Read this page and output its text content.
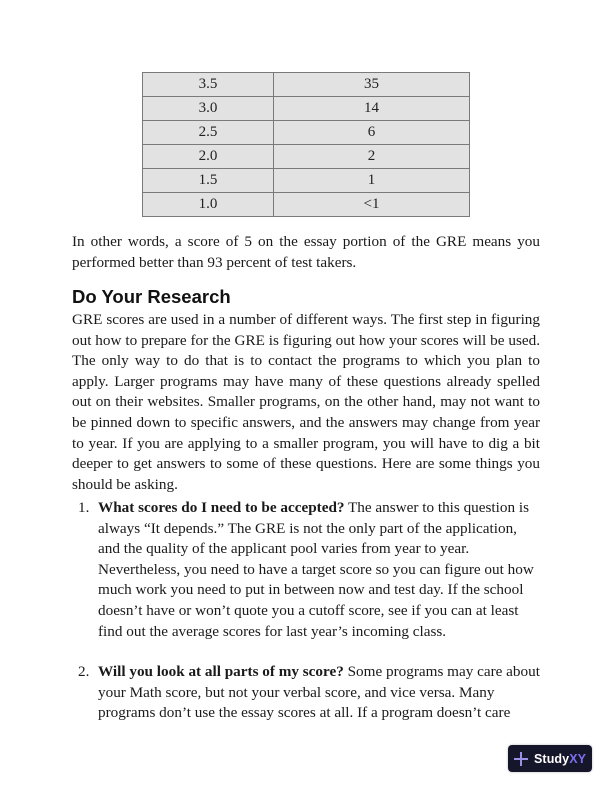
3.5	35
3.0	14
2.5	6
2.0	2
1.5	1
1.0	<1

In other words, a score of 5 on the essay portion of the GRE means you performed better than 93 percent of test takers.

Do Your Research

GRE scores are used in a number of different ways. The first step in figuring out how to prepare for the GRE is figuring out how your scores will be used. The only way to do that is to contact the programs to which you plan to apply. Larger programs may have many of these questions already spelled out on their websites. Smaller programs, on the other hand, may not want to be pinned down to specific answers, and the answers may change from year to year. If you are applying to a smaller program, you will have to dig a bit deeper to get answers to some of these questions. Here are some things you should be asking.

1. What scores do I need to be accepted? The answer to this question is always “It depends.” The GRE is not the only part of the application, and the quality of the applicant pool varies from year to year. Nevertheless, you need to have a target score so you can figure out how much work you need to put in between now and test day. If the school doesn’t have or won’t quote you a cutoff score, see if you can at least find out the average scores for last year’s incoming class.
2. Will you look at all parts of my score? Some programs may care about your Math score, but not your verbal score, and vice versa. Many programs don’t use the essay scores at all. If a program doesn’t care
StudyXY
